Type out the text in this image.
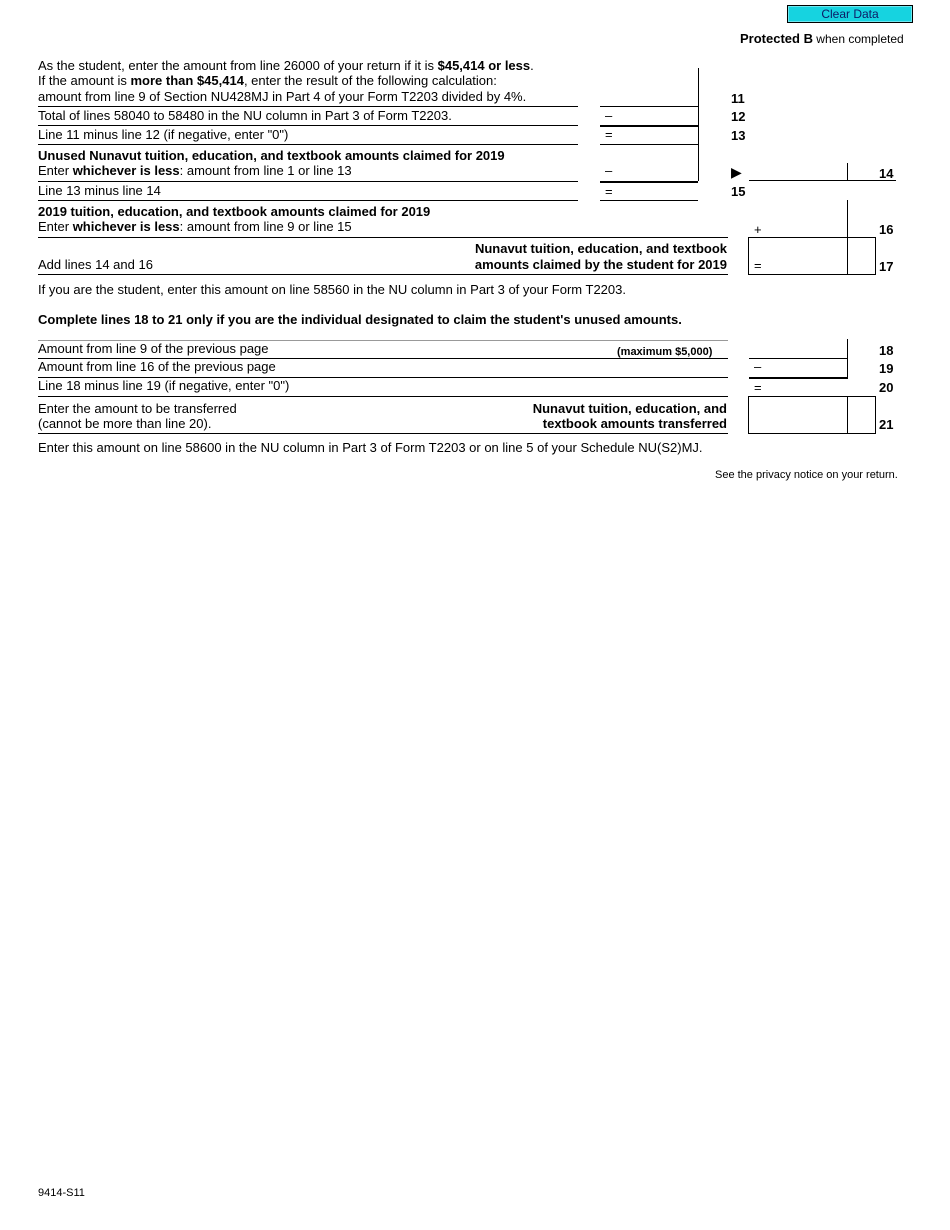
Clear Data
Protected B when completed
As the student, enter the amount from line 26000 of your return if it is $45,414 or less.
If the amount is more than $45,414, enter the result of the following calculation:
amount from line 9 of Section NU428MJ in Part 4 of your Form T2203 divided by 4%.	11
Total of lines 58040 to 58480 in the NU column in Part 3 of Form T2203.	–	12
Line 11 minus line 12 (if negative, enter "0")	=	13
Unused Nunavut tuition, education, and textbook amounts claimed for 2019
Enter whichever is less: amount from line 1 or line 13	–	▶	14
Line 13 minus line 14	=	15
2019 tuition, education, and textbook amounts claimed for 2019
Enter whichever is less: amount from line 9 or line 15	+	16
Add lines 14 and 16
Nunavut tuition, education, and textbook
amounts claimed by the student for 2019 =	17
If you are the student, enter this amount on line 58560 in the NU column in Part 3 of your Form T2203.
Complete lines 18 to 21 only if you are the individual designated to claim the student's unused amounts.
Amount from line 9 of the previous page	(maximum $5,000)	18
Amount from line 16 of the previous page	–	19
Line 18 minus line 19 (if negative, enter "0")	=	20
Enter the amount to be transferred
(cannot be more than line 20).
Nunavut tuition, education, and
textbook amounts transferred	21
Enter this amount on line 58600 in the NU column in Part 3 of Form T2203 or on line 5 of your Schedule NU(S2)MJ.
See the privacy notice on your return.
9414-S11
